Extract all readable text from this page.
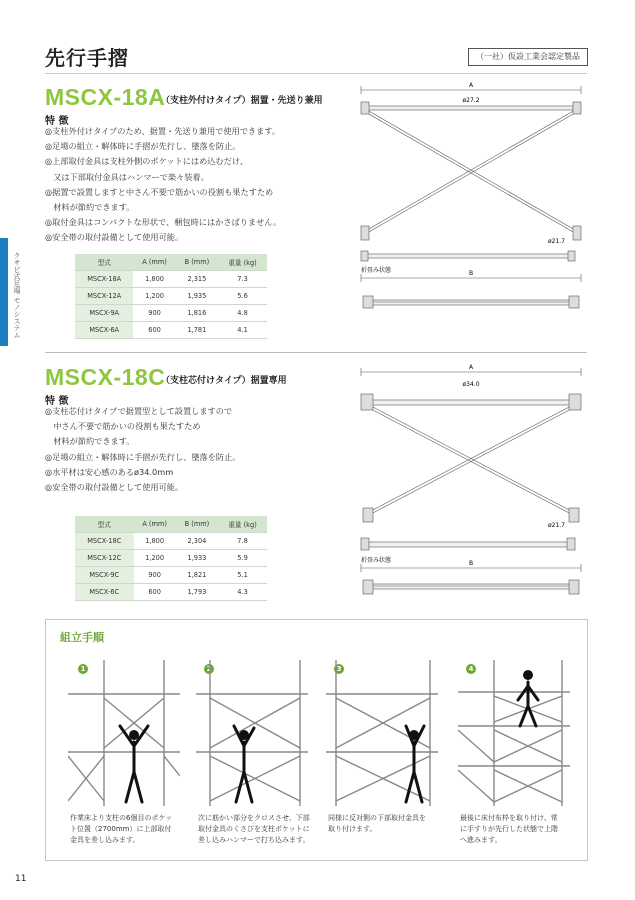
先行手摺	（一社）仮設工業会認定製品
クサビ式足場 モノシステム
MSCX-18A
（支柱外付けタイプ）据置・先送り兼用
特 徴
◎支柱外付けタイプのため、据置・先送り兼用で使用できます。
◎足場の組立・解体時に手摺が先行し、墜落を防止。
◎上部取付金具は支柱外側のポケットにはめ込むだけ、
　又は下部取付金具はハンマーで楽々装着。
◎据置で設置しますと中さん不要で筋かいの役割も果たすため
　材料が節約できます。
◎取付金具はコンパクトな形状で、梱包時にはかさばりません。
◎安全帯の取付設備として使用可能。
型式	A (mm)	B (mm)	重量 (kg)
MSCX-18A	1,800	2,315	7.3
MSCX-12A	1,200	1,935	5.6
MSCX-9A	900	1,816	4.8
MSCX-6A	600	1,781	4.1
A
ø27.2
ø21.7
折畳み状態	B
MSCX-18C
（支柱芯付けタイプ）据置専用
特 徴
◎支柱芯付けタイプで据置型として設置しますので
　中さん不要で筋かいの役割も果たすため
　材料が節約できます。
◎足場の組立・解体時に手摺が先行し、墜落を防止。
◎水平材は安心感のあるø34.0mm
◎安全帯の取付設備として使用可能。
型式	A (mm)	B (mm)	重量 (kg)
MSCX-18C	1,800	2,304	7.8
MSCX-12C	1,200	1,933	5.9
MSCX-9C	900	1,821	5.1
MSCX-6C	600	1,793	4.3
A
ø34.0
ø21.7
折畳み状態	B
組立手順
1
作業床より支柱の6個目のポケッ
ト位置（2700mm）に上部取付
金具を差し込みます。
2
次に筋かい部分をクロスさせ、下部
取付金具のくさびを支柱ポケットに
差し込みハンマーで打ち込みます。
3
同様に反対側の下部取付金具を
取り付けます。
4
最後に床付布枠を取り付け、常
に手すりが先行した状態で上階
へ進みます。
11
